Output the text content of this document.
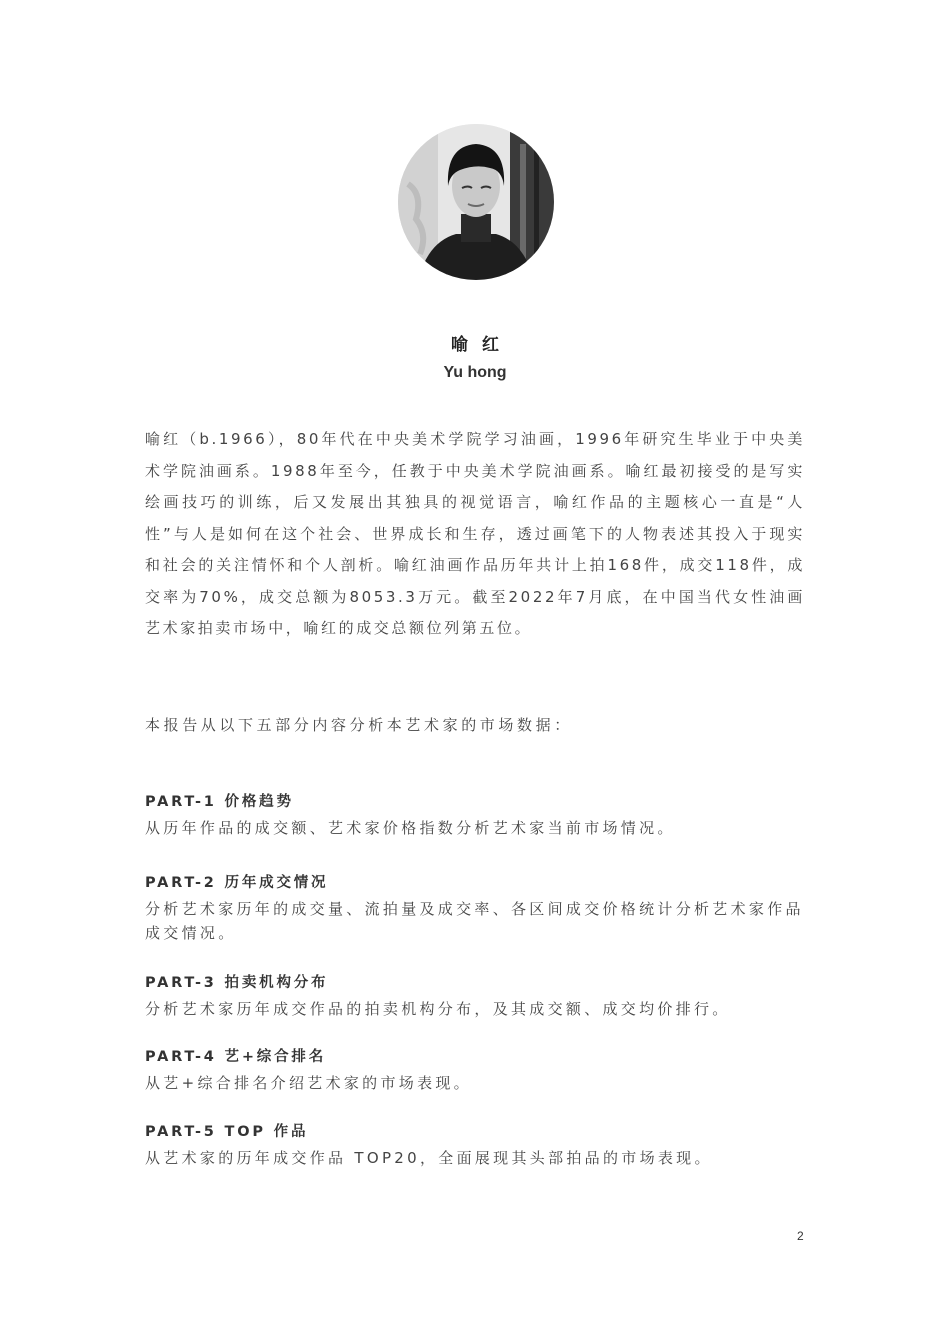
喻红
Yu hong

喻红（b.1966），80年代在中央美术学院学习油画，1996年研究生毕业于中央美术学院油画系。1988年至今，任教于中央美术学院油画系。喻红最初接受的是写实绘画技巧的训练，后又发展出其独具的视觉语言，喻红作品的主题核心一直是“人性”与人是如何在这个社会、世界成长和生存，透过画笔下的人物表述其投入于现实和社会的关注情怀和个人剖析。喻红油画作品历年共计上拍168件，成交118件，成交率为70%，成交总额为8053.3万元。截至2022年7月底，在中国当代女性油画艺术家拍卖市场中，喻红的成交总额位列第五位。

本报告从以下五部分内容分析本艺术家的市场数据：
PART-1 价格趋势
从历年作品的成交额、艺术家价格指数分析艺术家当前市场情况。
PART-2 历年成交情况
分析艺术家历年的成交量、流拍量及成交率、各区间成交价格统计分析艺术家作品成交情况。
PART-3 拍卖机构分布
分析艺术家历年成交作品的拍卖机构分布，及其成交额、成交均价排行。
PART-4 艺+综合排名
从艺+综合排名介绍艺术家的市场表现。
PART-5 TOP 作品
从艺术家的历年成交作品 TOP20，全面展现其头部拍品的市场表现。
2
